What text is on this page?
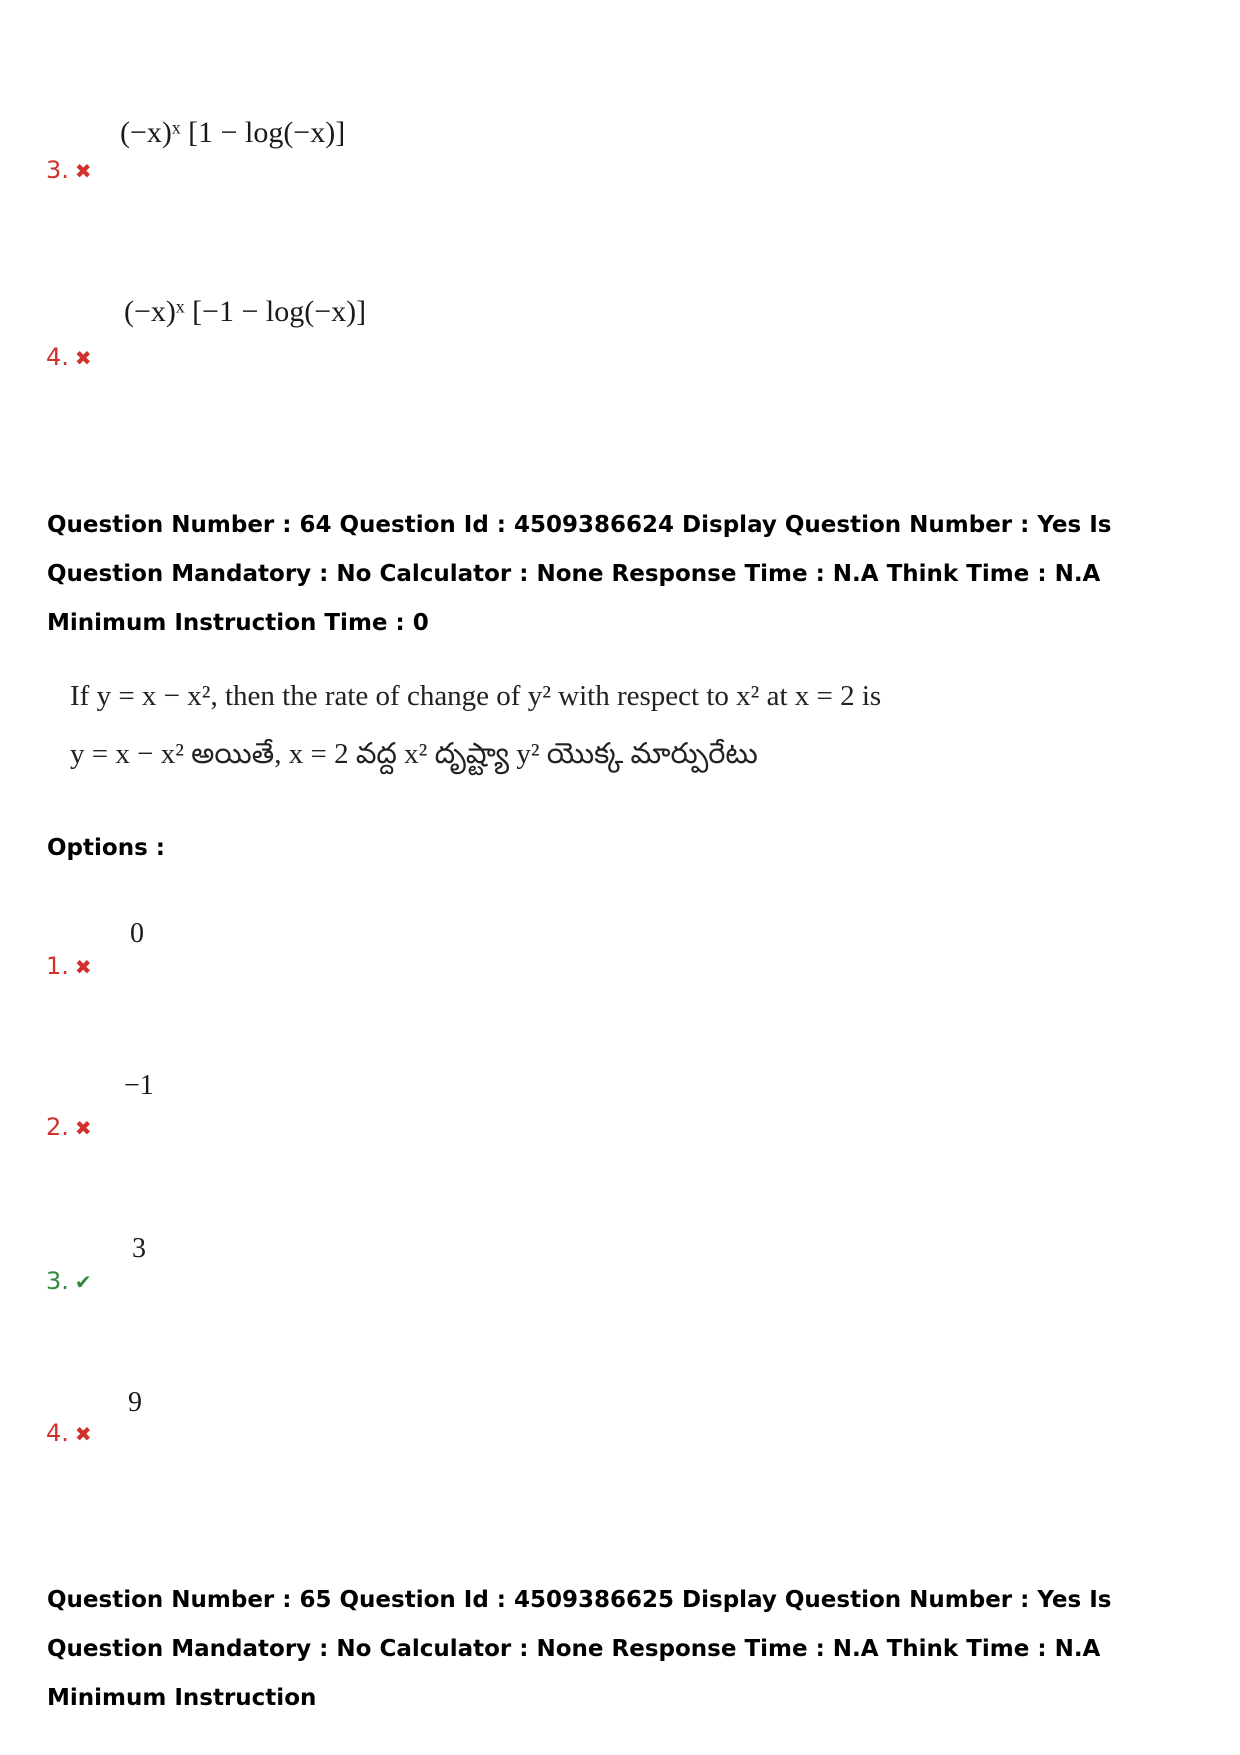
(−x)ˣ [1 − log(−x)]
3. ✖
(−x)ˣ [−1 − log(−x)]
4. ✖

Question Number : 64 Question Id : 4509386624 Display Question Number : Yes Is Question Mandatory : No Calculator : None Response Time : N.A Think Time : N.A Minimum Instruction Time : 0

If y = x − x², then the rate of change of y² with respect to x² at x = 2 is
y = x − x² అయితే, x = 2 వద్ద x² దృష్ట్యా y² యొక్క మార్పురేటు
Options :
0
1. ✖
−1
2. ✖
3
3. ✔
9
4. ✖

Question Number : 65 Question Id : 4509386625 Display Question Number : Yes Is Question Mandatory : No Calculator : None Response Time : N.A Think Time : N.A Minimum Instruction
